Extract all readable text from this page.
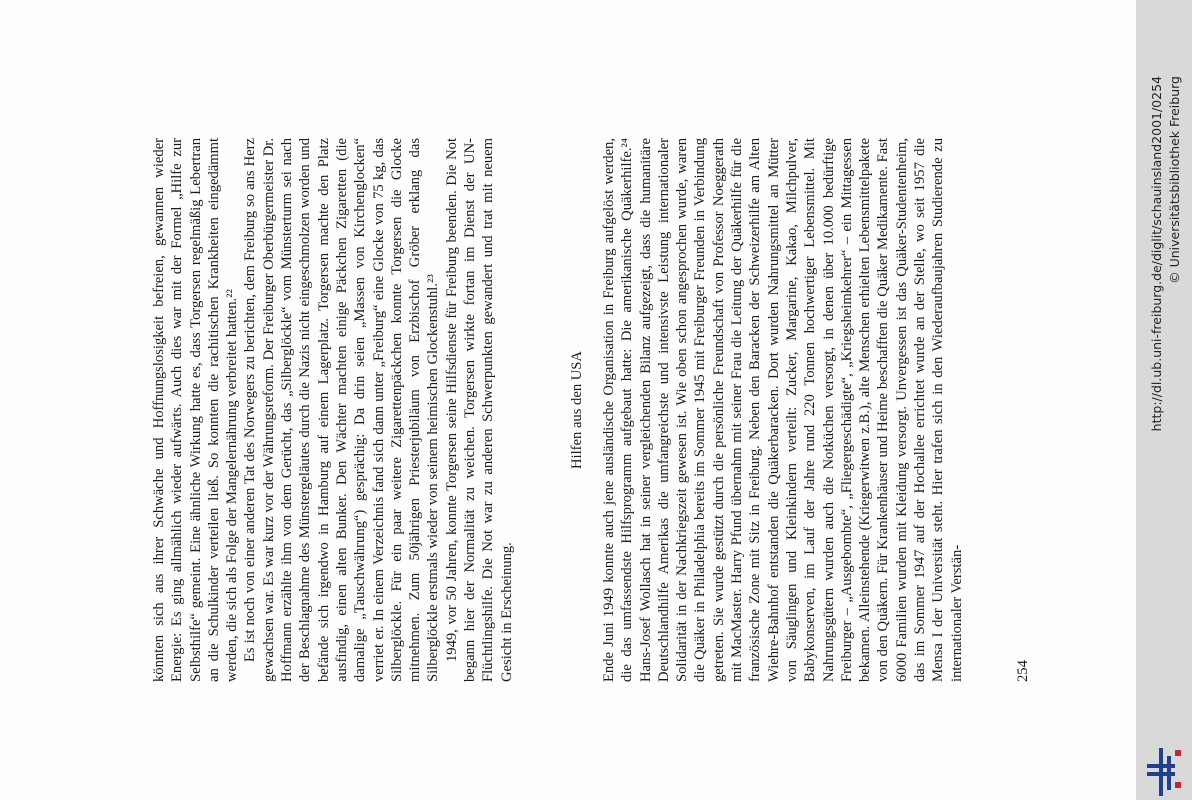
könnten sich aus ihrer Schwäche und Hoffnungslosigkeit befreien, gewannen wieder Energie: Es ging allmählich wieder aufwärts. Auch dies war mit der Formel „Hilfe zur Selbsthilfe“ gemeint. Eine ähnliche Wirkung hatte es, dass Torgersen regelmäßig Lebertran an die Schulkinder verteilen ließ. So konnten die rachitischen Krankheiten eingedämmt werden, die sich als Folge der Mangelernährung verbreitet hatten.²² Es ist noch von einer anderen Tat des Norwegers zu berichten, dem Freiburg so ans Herz gewachsen war. Es war kurz vor der Währungsreform. Der Freiburger Oberbürgermeister Dr. Hoffmann erzählte ihm von dem Gerücht, das „Silberglöckle“ vom Münsterturm sei nach der Beschlagnahme des Münstergeläutes durch die Nazis nicht eingeschmolzen worden und befände sich irgendwo in Hamburg auf einem Lagerplatz. Torgersen machte den Platz ausfindig, einen alten Bunker. Den Wächter machten einige Päckchen Zigaretten (die damalige „Tauschwährung“) gesprächig: Da drin seien „Massen von Kirchenglocken“ verriet er. In einem Verzeichnis fand sich dann unter „Freiburg“ eine Glocke von 75 kg, das Silberglöckle. Für ein paar weitere Zigarettenpäckchen konnte Torgersen die Glocke mitnehmen. Zum 50jährigen Priesterjubiläum von Erzbischof Gröber erklang das Silberglöckle erstmals wieder von seinem heimischen Glockenstuhl.²³ 1949, vor 50 Jahren, konnte Torgersen seine Hilfsdienste für Freiburg beenden. Die Not begann hier der Normalität zu weichen. Torgersen wirkte fortan im Dienst der UN-Flüchtlingshilfe. Die Not war zu anderen Schwerpunkten gewandert und trat mit neuem Gesicht in Erscheinung.

Hilfen aus den USA Ende Juni 1949 konnte auch jene ausländische Organisation in Freiburg aufgelöst werden, die das umfassendste Hilfsprogramm aufgebaut hatte: Die amerikanische Quäkerhilfe.²⁴ Hans-Josef Wollasch hat in seiner vergleichenden Bilanz aufgezeigt, dass die humanitäre Deutschlandhilfe Amerikas die umfangreichste und intensivste Leistung internationaler Solidarität in der Nachkriegszeit gewesen ist. Wie oben schon angesprochen wurde, waren die Quäker in Philadelphia bereits im Sommer 1945 mit Freiburger Freunden in Verbindung getreten. Sie wurde gestützt durch die persönliche Freundschaft von Professor Noeggerath mit MacMaster. Harry Pfund übernahm mit seiner Frau die Leitung der Quäkerhilfe für die französische Zone mit Sitz in Freiburg. Neben den Baracken der Schweizerhilfe am Alten Wiehre-Bahnhof entstanden die Quäkerbaracken. Dort wurden Nahrungsmittel an Mütter von Säuglingen und Kleinkindern verteilt: Zucker, Margarine, Kakao, Milchpulver, Babykonserven, im Lauf der Jahre rund 220 Tonnen hochwertiger Lebensmittel. Mit Nahrungsgütern wurden auch die Notküchen versorgt, in denen über 10.000 bedürftige Freiburger – „Ausgebombte“, „Fliegergeschädigte“, „Kriegsheimkehrer“ – ein Mittagessen bekamen. Alleinstehende (Kriegerwitwen z.B.), alte Menschen erhielten Lebensmittelpakete von den Quäkern. Für Krankenhäuser und Heime beschafften die Quäker Medikamente. Fast 6000 Familien wurden mit Kleidung versorgt. Unvergessen ist das Quäker-Studentenheim, das im Sommer 1947 auf der Hochallee errichtet wurde an der Stelle, wo seit 1957 die Mensa I der Universität steht. Hier trafen sich in den Wiederaufbaujahren Studierende zu internationaler Verstän-	254
http://dl.ub.uni-freiburg.de/diglit/schauinsland2001/0254 © Universitätsbibliothek Freiburg
